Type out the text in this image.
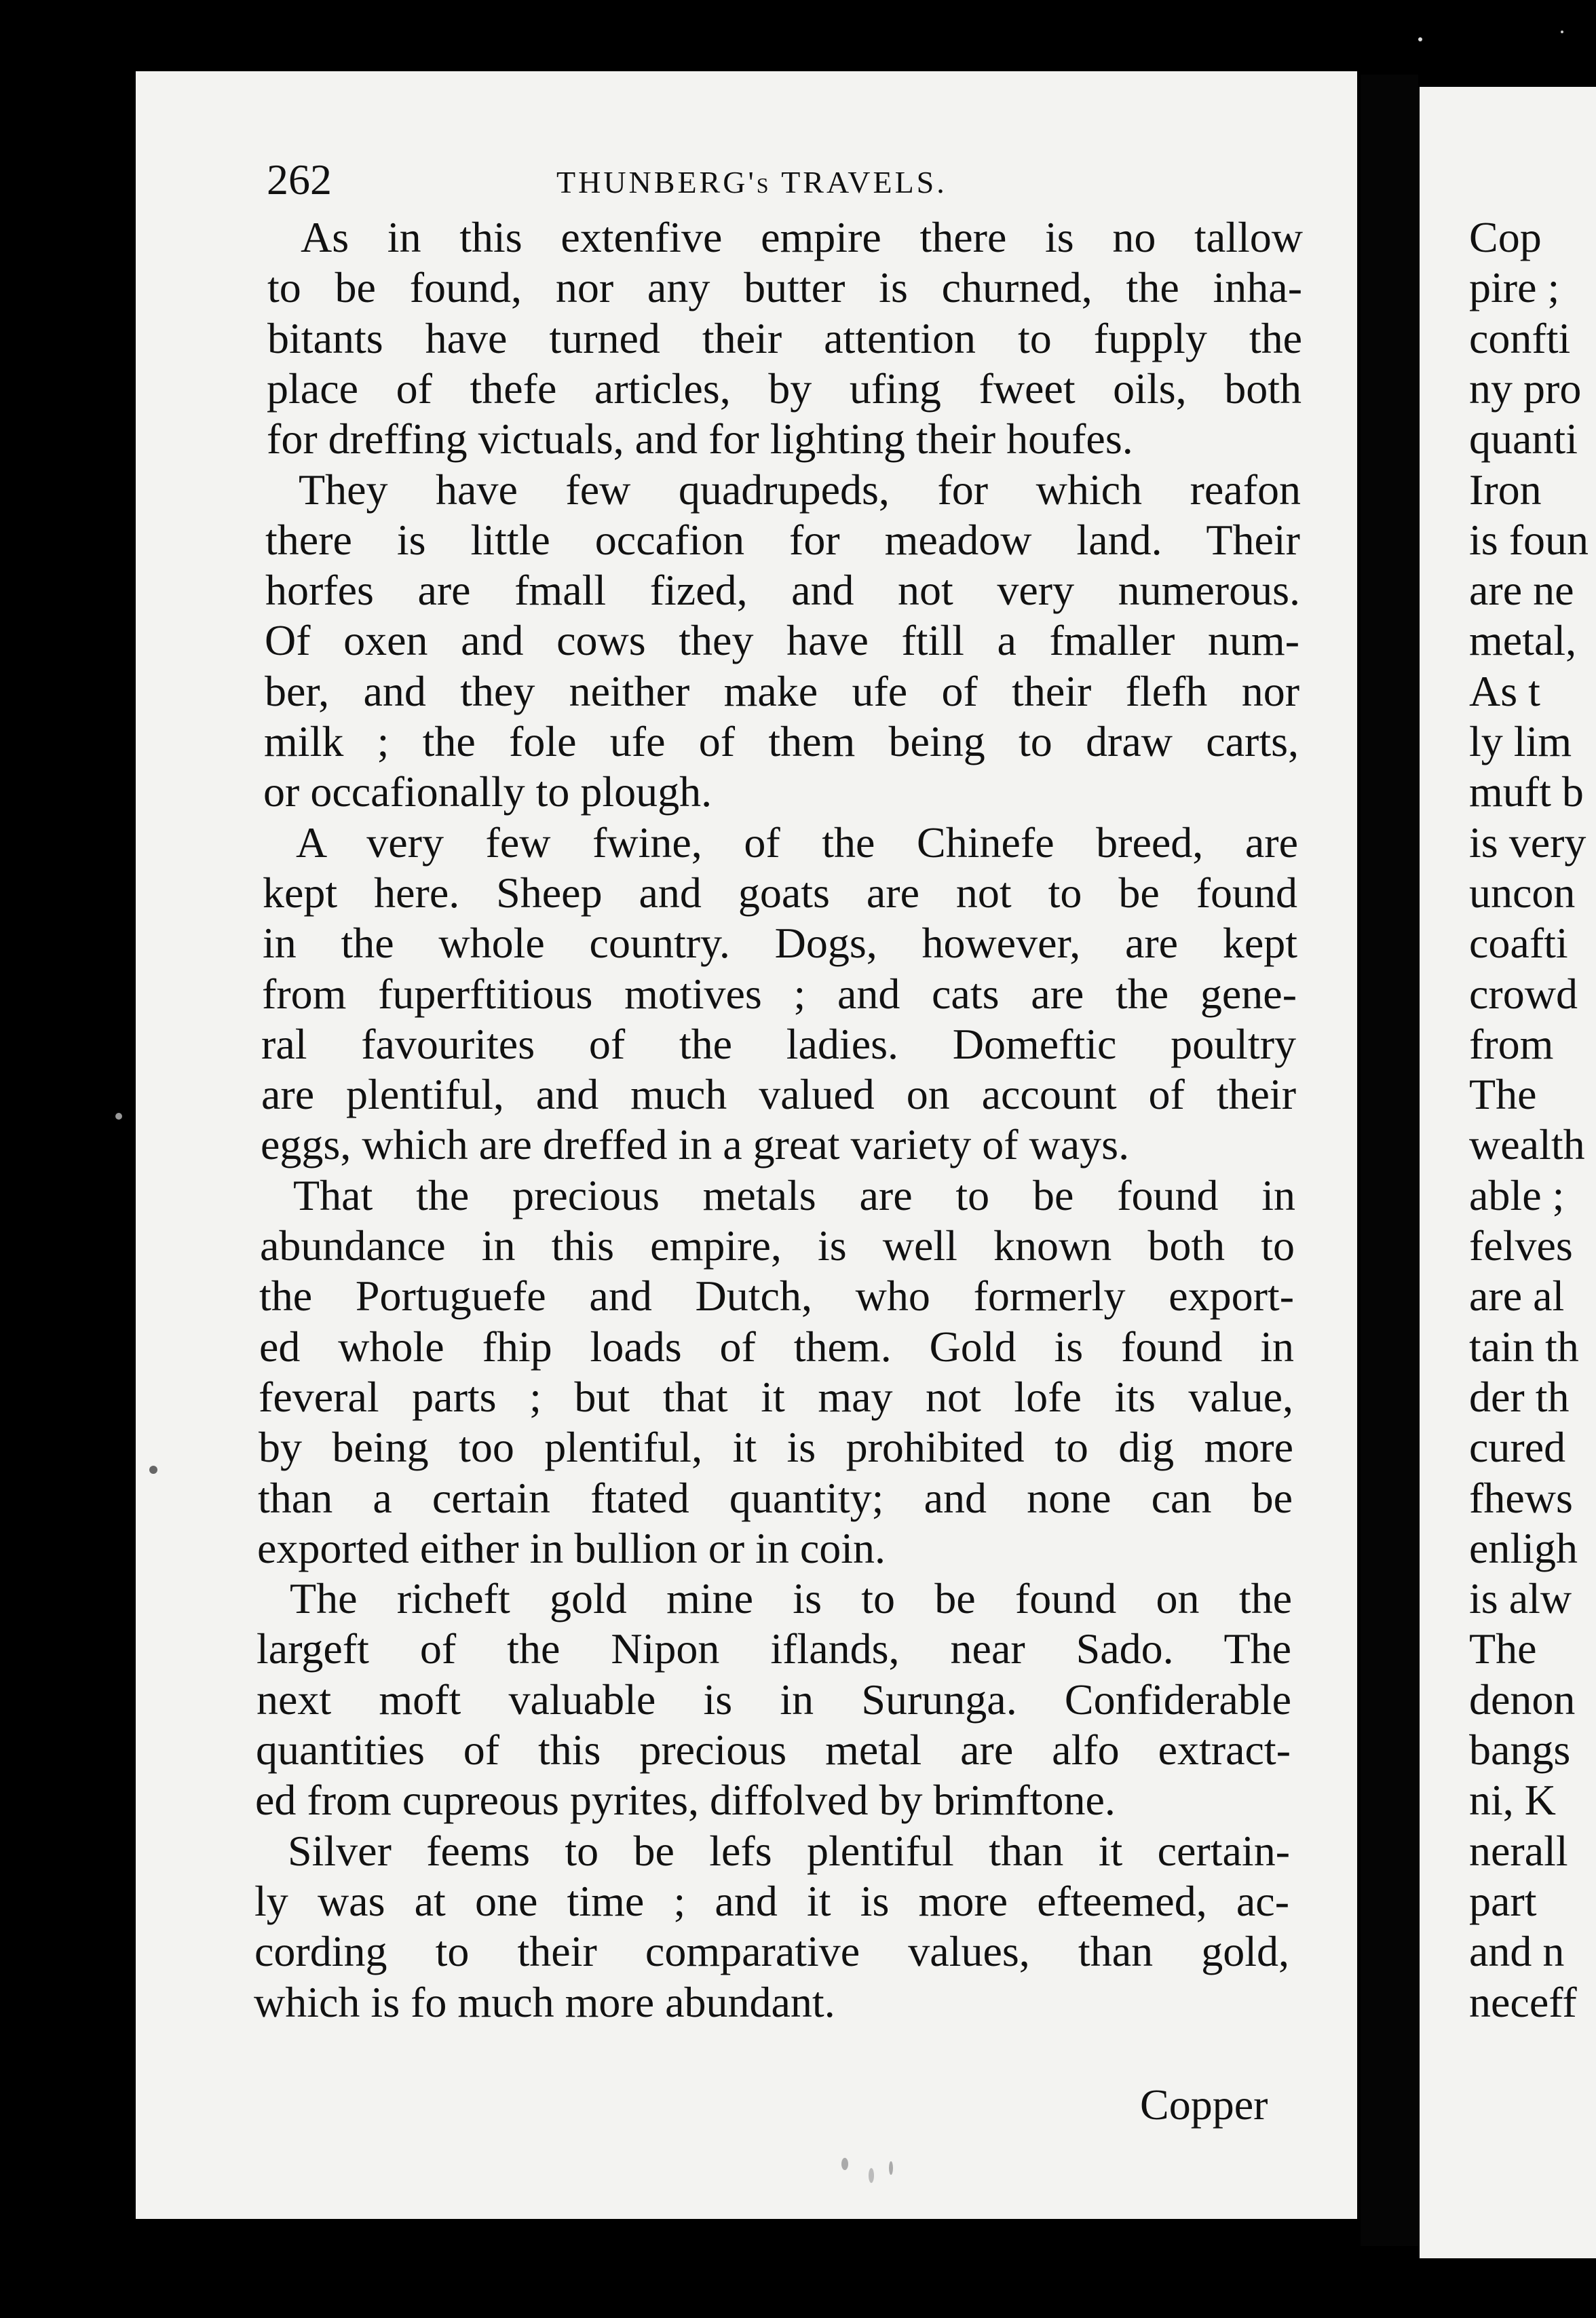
262	THUNBERG's TRAVELS.
As in this extenfive empire there is no tallow
to be found, nor any butter is churned, the inha-
bitants have turned their attention to fupply the
place of thefe articles, by ufing fweet oils, both
for dreffing victuals, and for lighting their houfes.
They have few quadrupeds, for which reafon
there is little occafion for meadow land. Their
horfes are fmall fized, and not very numerous.
Of oxen and cows they have ftill a fmaller num-
ber, and they neither make ufe of their flefh nor
milk ; the fole ufe of them being to draw carts,
or occafionally to plough.
A very few fwine, of the Chinefe breed, are
kept here. Sheep and goats are not to be found
in the whole country. Dogs, however, are kept
from fuperftitious motives ; and cats are the gene-
ral favourites of the ladies. Domeftic poultry
are plentiful, and much valued on account of their
eggs, which are dreffed in a great variety of ways.
That the precious metals are to be found in
abundance in this empire, is well known both to
the Portuguefe and Dutch, who formerly export-
ed whole fhip loads of them. Gold is found in
feveral parts ; but that it may not lofe its value,
by being too plentiful, it is prohibited to dig more
than a certain ftated quantity; and none can be
exported either in bullion or in coin.
The richeft gold mine is to be found on the
largeft of the Nipon iflands, near Sado. The
next moft valuable is in Surunga. Confiderable
quantities of this precious metal are alfo extract-
ed from cupreous pyrites, diffolved by brimftone.
Silver feems to be lefs plentiful than it certain-
ly was at one time ; and it is more efteemed, ac-
cording to their comparative values, than gold,
which is fo much more abundant.
Cop
pire ;
confti
ny pro
quanti
Iron
is foun
are ne
metal,
As t
ly lim
muft b
is very
uncon
coafti
crowd
from
The
wealth
able ;
felves
are al
tain th
der th
cured
fhews
enligh
is alw
The
denon
bangs
ni, K
nerall
part
and n
neceff
Copper
